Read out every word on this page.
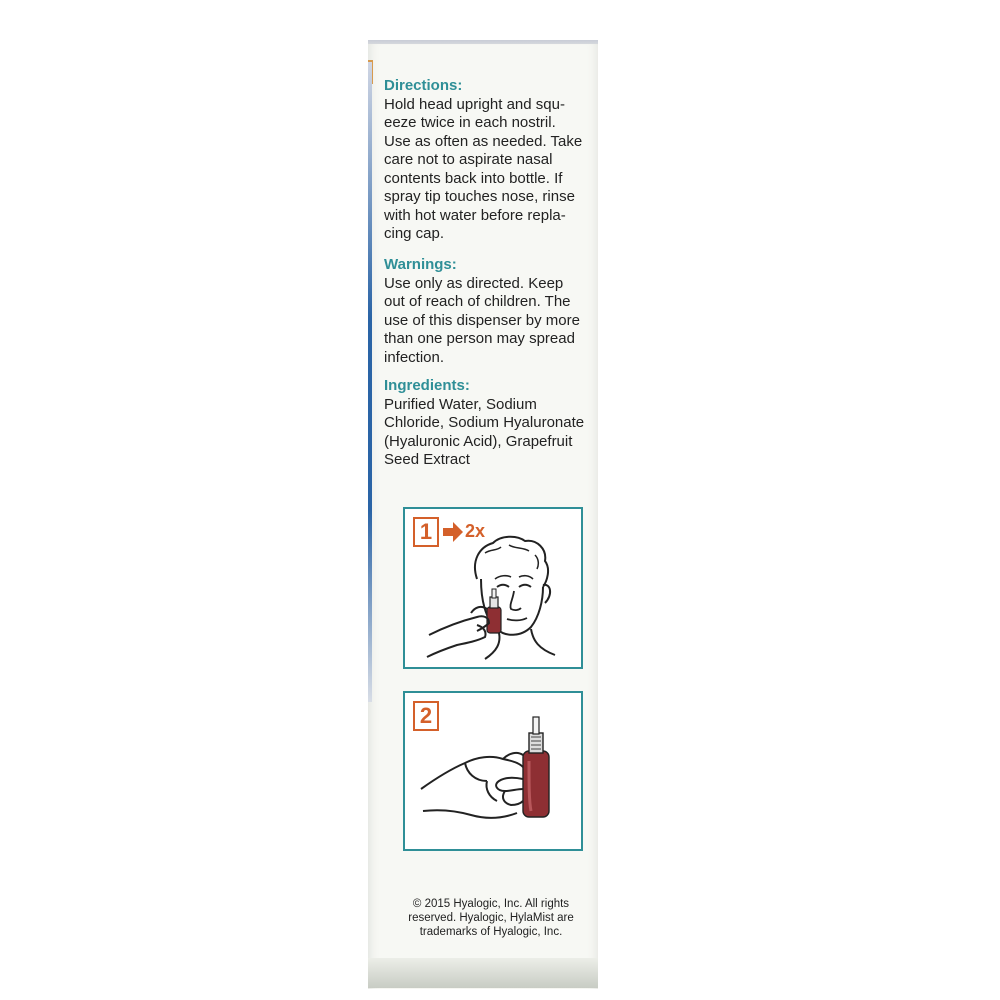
Directions:
Hold head upright and squ-
eeze twice in each nostril.
Use as often as needed. Take
care not to aspirate nasal
contents back into bottle. If
spray tip touches nose, rinse
with hot water before repla-
cing cap.
Warnings:
Use only as directed. Keep
out of reach of children. The
use of this dispenser by more
than one person may spread
infection.
Ingredients:
Purified Water, Sodium
Chloride, Sodium Hyaluronate
(Hyaluronic Acid), Grapefruit
Seed Extract
1	2x
2
© 2015 Hyalogic, Inc. All rights
reserved. Hyalogic, HylaMist are
trademarks of Hyalogic, Inc.
